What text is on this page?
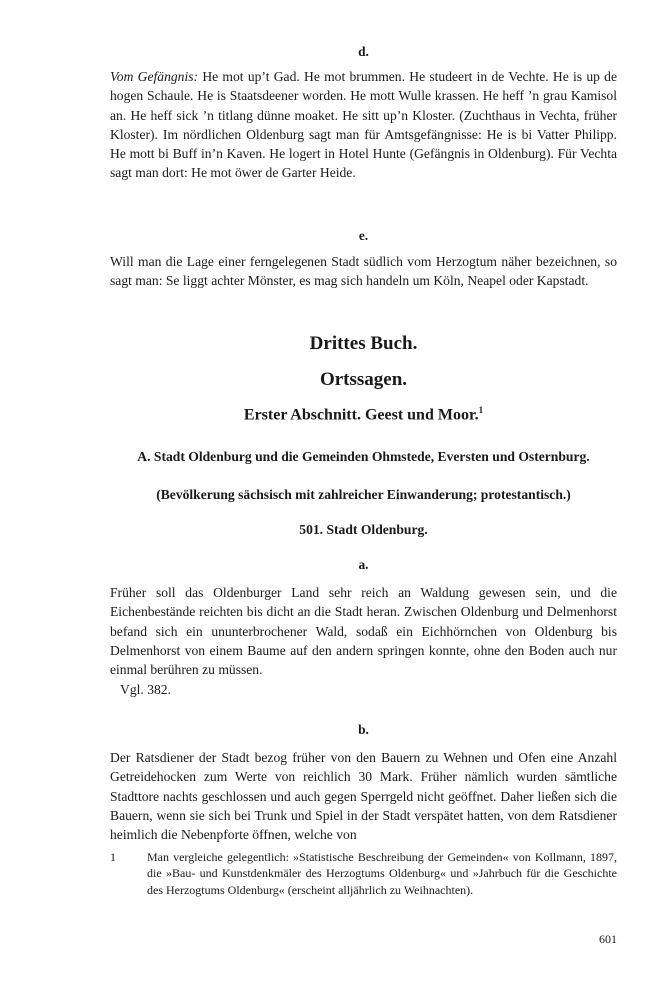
d.

Vom Gefängnis: He mot up’t Gad. He mot brummen. He studeert in de Vechte. He is up de hogen Schaule. He is Staatsdeener worden. He mott Wulle krassen. He heff ’n grau Kamisol an. He heff sick ’n titlang dünne moaket. He sitt up’n Kloster. (Zuchthaus in Vechta, früher Kloster). Im nördlichen Oldenburg sagt man für Amtsgefängnisse: He is bi Vatter Philipp. He mott bi Buff in’n Kaven. He logert in Hotel Hunte (Gefängnis in Oldenburg). Für Vechta sagt man dort: He mot öwer de Garter Heide.

e.

Will man die Lage einer ferngelegenen Stadt südlich vom Herzogtum näher bezeichnen, so sagt man: Se liggt achter Mönster, es mag sich handeln um Köln, Neapel oder Kapstadt.

Drittes Buch.
Ortssagen.
Erster Abschnitt. Geest und Moor.$^1$
A. Stadt Oldenburg und die Gemeinden Ohmstede, Eversten und Osternburg.
(Bevölkerung sächsisch mit zahlreicher Einwanderung; protestantisch.)
501. Stadt Oldenburg.
a.

Früher soll das Oldenburger Land sehr reich an Waldung gewesen sein, und die Eichenbestände reichten bis dicht an die Stadt heran. Zwischen Oldenburg und Delmenhorst befand sich ein ununterbrochener Wald, sodaß ein Eichhörnchen von Oldenburg bis Delmenhorst von einem Baume auf den andern springen konnte, ohne den Boden auch nur einmal berühren zu müssen.

Vgl. 382.
b.

Der Ratsdiener der Stadt bezog früher von den Bauern zu Wehnen und Ofen eine Anzahl Getreidehocken zum Werte von reichlich 30 Mark. Früher nämlich wurden sämtliche Stadttore nachts geschlossen und auch gegen Sperrgeld nicht geöffnet. Daher ließen sich die Bauern, wenn sie sich bei Trunk und Spiel in der Stadt verspätet hatten, von dem Ratsdiener heimlich die Nebenpforte öffnen, welche von

1	Man vergleiche gelegentlich: »Statistische Beschreibung der Gemeinden« von Kollmann, 1897, die »Bau- und Kunstdenkmäler des Herzogtums Oldenburg« und »Jahrbuch für die Geschichte des Herzogtums Oldenburg« (erscheint alljährlich zu Weihnachten).
601
